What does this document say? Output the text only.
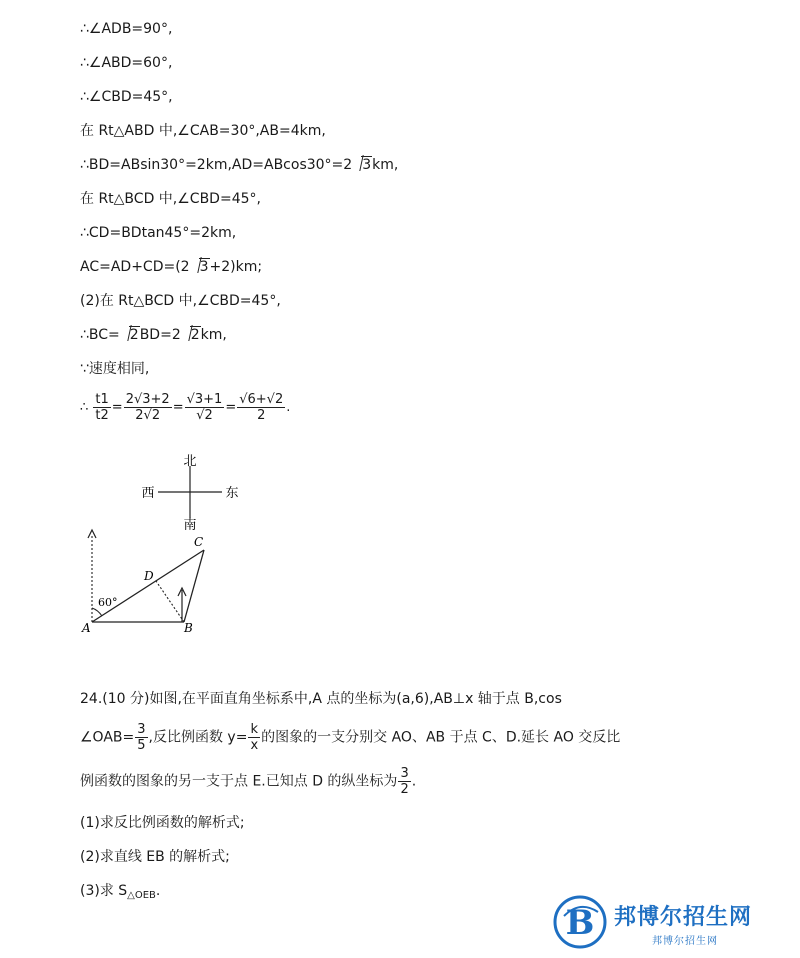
∴∠ADB=90°,
∴∠ABD=60°,
∴∠CBD=45°,
在 Rt△ABD 中,∠CAB=30°,AB=4km,
∴BD=ABsin30°=2km,AD=ABcos30°=2 3km,
在 Rt△BCD 中,∠CBD=45°,
∴CD=BDtan45°=2km,
AC=AD+CD=(2 3+2)km;
(2)在 Rt△BCD 中,∠CBD=45°,
∴BC= 2BD=2 2km,
∵速度相同,
∴ $\frac{t1}{t2} = \frac{2√3+2}{2√2} = \frac{√3+1}{√2} = \frac{√6+√2}{2}$ .
北
南
西	东
60°
A	B
C
D
24.(10 分)如图,在平面直角坐标系中,A 点的坐标为(a,6),AB⊥x 轴于点 B,cos
∠OAB= $\frac{3}{5}$ ,反比例函数 $y= \frac{k}{x}$ 的图象的一支分别交 AO、AB 于点 C、D.延长 AO 交反比
例函数的图象的另一支于点 E.已知点 D 的纵坐标为 $\frac{3}{2}$ .
(1)求反比例函数的解析式;
(2)求直线 EB 的解析式;
(3)求 $S_{\triangle OEB}$.
B 邦博尔招生网
邦博尔招生网
